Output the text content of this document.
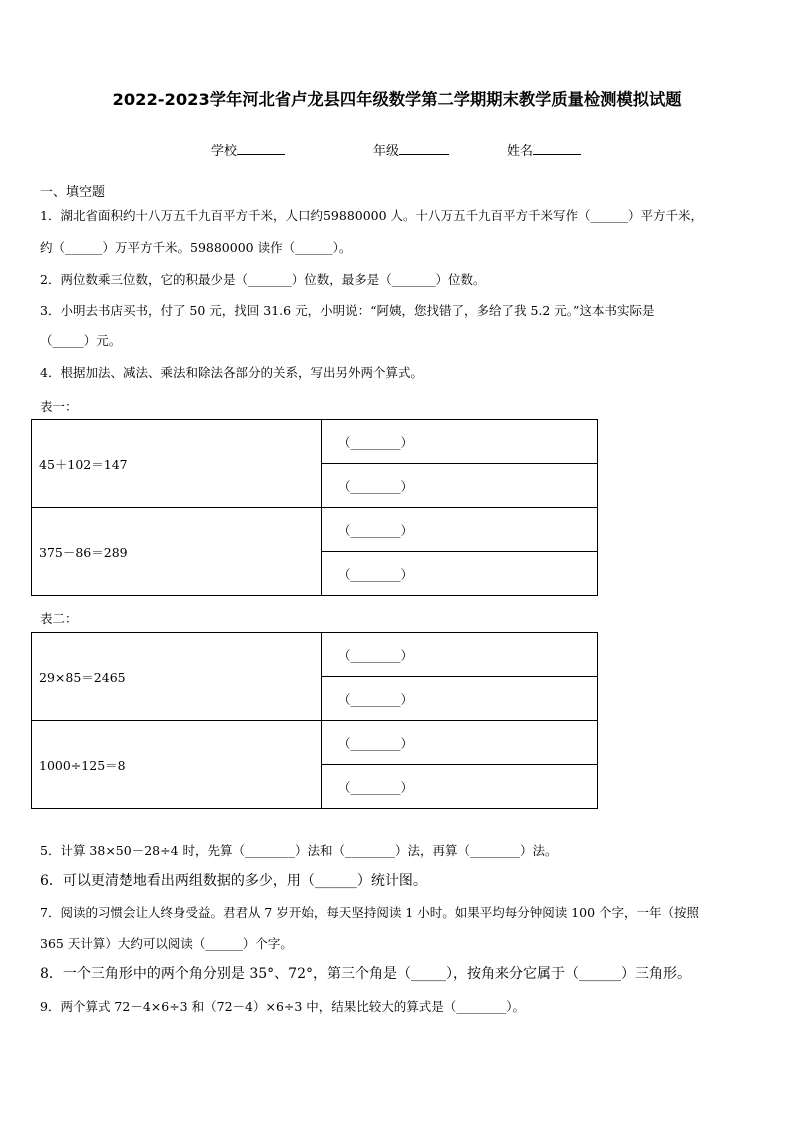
2022-2023学年河北省卢龙县四年级数学第二学期期末教学质量检测模拟试题
学校	年级	姓名
一、填空题
1．湖北省面积约十八万五千九百平方千米，人口约59880000 人。十八万五千九百平方千米写作（______）平方千米，
约（______）万平方千米。59880000 读作（______）。
2．两位数乘三位数，它的积最少是（_______）位数，最多是（_______）位数。
3．小明去书店买书，付了 50 元，找回 31.6 元，小明说：“阿姨，您找错了，多给了我 5.2 元。”这本书实际是
（_____）元。
4．根据加法、减法、乘法和除法各部分的关系，写出另外两个算式。
表一：
45＋102＝147	（________）
	（________）
375－86＝289	（________）
	（________）
表二：
29×85＝2465	（________）
	（________）
1000÷125＝8	（________）
	（________）
5．计算 38×50－28÷4 时，先算（________）法和（________）法，再算（________）法。
6．可以更清楚地看出两组数据的多少，用（______）统计图。
7．阅读的习惯会让人终身受益。君君从 7 岁开始，每天坚持阅读 1 小时。如果平均每分钟阅读 100 个字，一年（按照
365 天计算）大约可以阅读（______）个字。
8．一个三角形中的两个角分别是 35°、72°，第三个角是（_____），按角来分它属于（______）三角形。
9．两个算式 72－4×6÷3 和（72－4）×6÷3 中，结果比较大的算式是（________）。
